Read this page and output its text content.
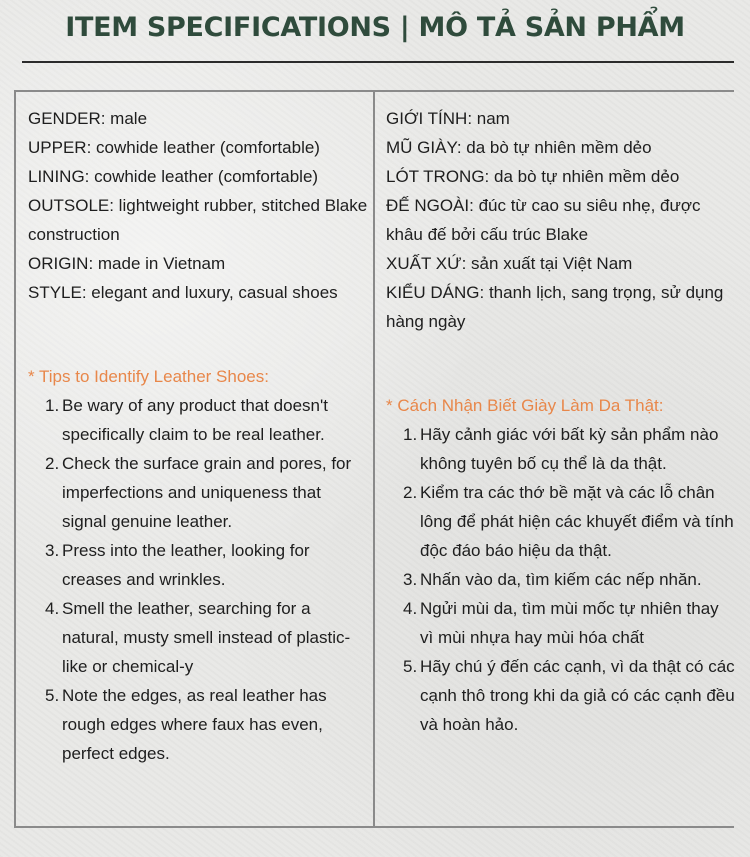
ITEM SPECIFICATIONS | MÔ TẢ SẢN PHẨM

GENDER: male

UPPER: cowhide leather (comfortable)

LINING: cowhide leather (comfortable)

OUTSOLE: lightweight rubber, stitched Blake construction

ORIGIN: made in Vietnam

STYLE: elegant and luxury, casual shoes

* Tips to Identify Leather Shoes:

1. Be wary of any product that doesn't specifically claim to be real leather.
2. Check the surface grain and pores, for imperfections and uniqueness that signal genuine leather.
3. Press into the leather, looking for creases and wrinkles.
4. Smell the leather, searching for a natural, musty smell instead of plastic-like or chemical-y
5. Note the edges, as real leather has rough edges where faux has even, perfect edges.

GIỚI TÍNH: nam

MŨ GIÀY: da bò tự nhiên mềm dẻo

LÓT TRONG: da bò tự nhiên mềm dẻo

ĐẾ NGOÀI: đúc từ cao su siêu nhẹ, được khâu đế bởi cấu trúc Blake

XUẤT XỨ: sản xuất tại Việt Nam

KIỂU DÁNG: thanh lịch, sang trọng, sử dụng hàng ngày

* Cách Nhận Biết Giày Làm Da Thật:

1. Hãy cảnh giác với bất kỳ sản phẩm nào không tuyên bố cụ thể là da thật.
2. Kiểm tra các thớ bề mặt và các lỗ chân lông để phát hiện các khuyết điểm và tính độc đáo báo hiệu da thật.
3. Nhấn vào da, tìm kiếm các nếp nhăn.
4. Ngửi mùi da, tìm mùi mốc tự nhiên thay vì mùi nhựa hay mùi hóa chất
5. Hãy chú ý đến các cạnh, vì da thật có các cạnh thô trong khi da giả có các cạnh đều và hoàn hảo.
